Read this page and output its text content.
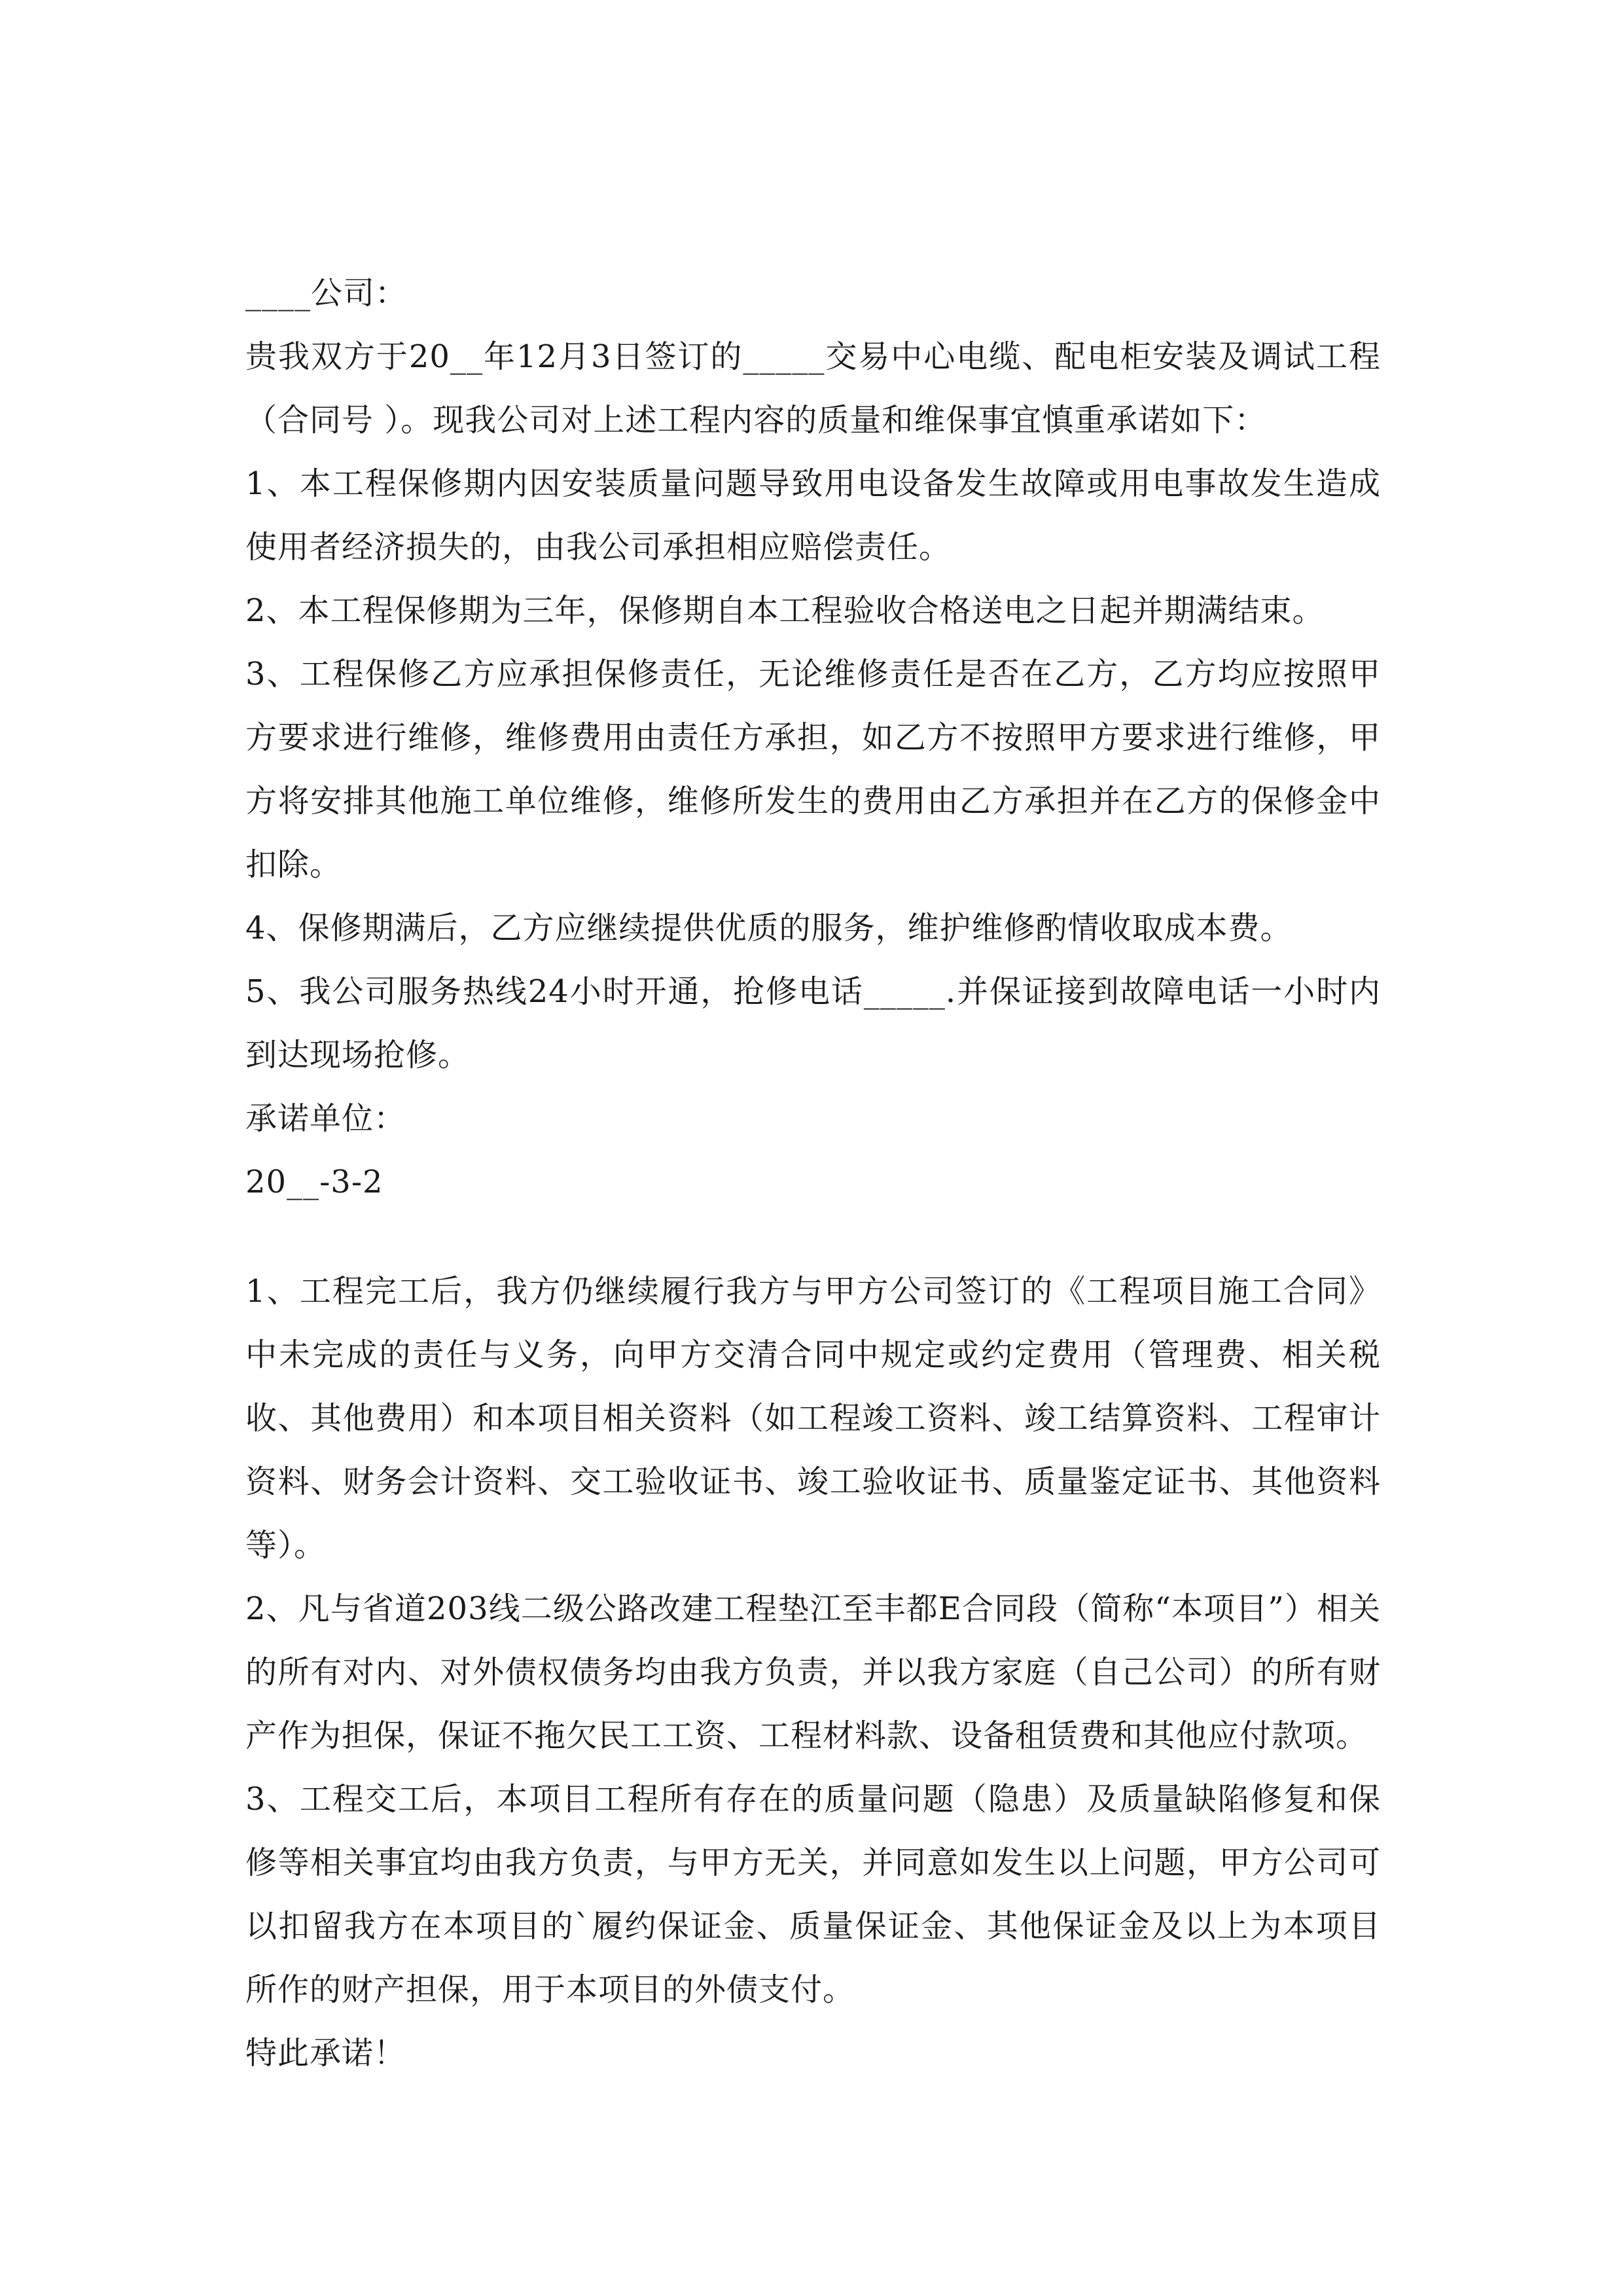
____公司：

贵我双方于20__年12月3日签订的_____交易中心电缆、配电柜安装及调试工程（合同号 ）。现我公司对上述工程内容的质量和维保事宜慎重承诺如下：

1、本工程保修期内因安装质量问题导致用电设备发生故障或用电事故发生造成使用者经济损失的，由我公司承担相应赔偿责任。

2、本工程保修期为三年，保修期自本工程验收合格送电之日起并期满结束。

3、工程保修乙方应承担保修责任，无论维修责任是否在乙方，乙方均应按照甲方要求进行维修，维修费用由责任方承担，如乙方不按照甲方要求进行维修，甲方将安排其他施工单位维修，维修所发生的费用由乙方承担并在乙方的保修金中扣除。

4、保修期满后，乙方应继续提供优质的服务，维护维修酌情收取成本费。

5、我公司服务热线24小时开通，抢修电话_____.并保证接到故障电话一小时内到达现场抢修。

承诺单位：

20__-3-2

1、工程完工后，我方仍继续履行我方与甲方公司签订的《工程项目施工合同》中未完成的责任与义务，向甲方交清合同中规定或约定费用（管理费、相关税收、其他费用）和本项目相关资料（如工程竣工资料、竣工结算资料、工程审计资料、财务会计资料、交工验收证书、竣工验收证书、质量鉴定证书、其他资料等）。

2、凡与省道203线二级公路改建工程垫江至丰都E合同段（简称“本项目”）相关的所有对内、对外债权债务均由我方负责，并以我方家庭（自己公司）的所有财产作为担保，保证不拖欠民工工资、工程材料款、设备租赁费和其他应付款项。

3、工程交工后，本项目工程所有存在的质量问题（隐患）及质量缺陷修复和保修等相关事宜均由我方负责，与甲方无关，并同意如发生以上问题，甲方公司可以扣留我方在本项目的`履约保证金、质量保证金、其他保证金及以上为本项目所作的财产担保，用于本项目的外债支付。

特此承诺！
